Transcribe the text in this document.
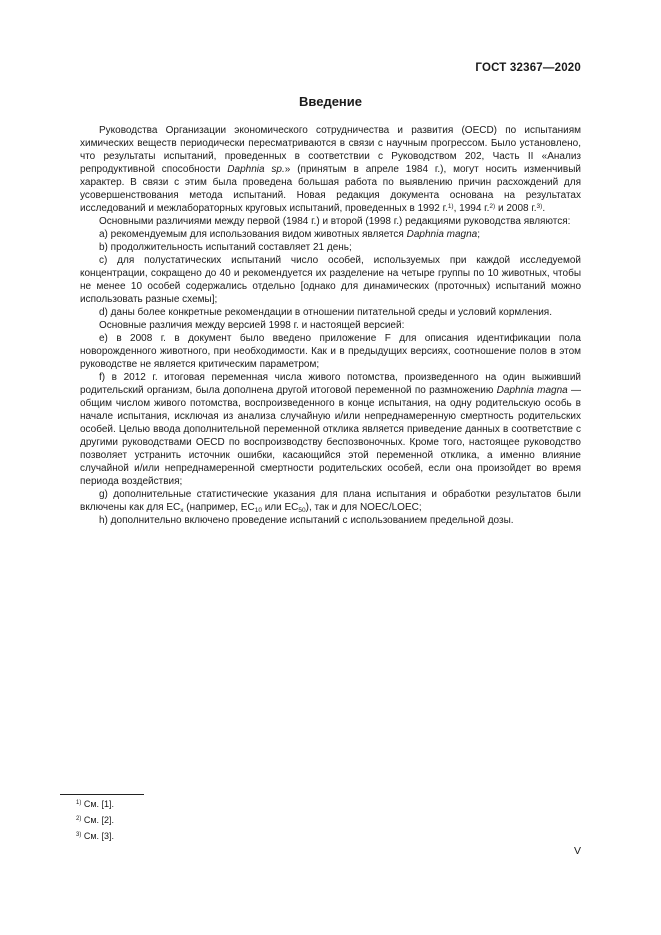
ГОСТ 32367—2020
Введение

Руководства Организации экономического сотрудничества и развития (OECD) по испытаниям химических веществ периодически пересматриваются в связи с научным прогрессом. Было установлено, что результаты испытаний, проведенных в соответствии с Руководством 202, Часть II «Анализ репродуктивной способности Daphnia sp.» (принятым в апреле 1984 г.), могут носить изменчивый характер. В связи с этим была проведена большая работа по выявлению причин расхождений для усовершенствования метода испытаний. Новая редакция документа основана на результатах исследований и межлабораторных круговых испытаний, проведенных в 1992 г.$^{1)}$, 1994 г.$^{2)}$ и 2008 г.$^{3)}$.

Основными различиями между первой (1984 г.) и второй (1998 г.) редакциями руководства являются:

a) рекомендуемым для использования видом животных является Daphnia magna;

b) продолжительность испытаний составляет 21 день;

c) для полустатических испытаний число особей, используемых при каждой исследуемой концентрации, сокращено до 40 и рекомендуется их разделение на четыре группы по 10 животных, чтобы не менее 10 особей содержались отдельно [однако для динамических (проточных) испытаний можно использовать разные схемы];

d) даны более конкретные рекомендации в отношении питательной среды и условий кормления.

Основные различия между версией 1998 г. и настоящей версией:

e) в 2008 г. в документ было введено приложение F для описания идентификации пола новорожденного животного, при необходимости. Как и в предыдущих версиях, соотношение полов в этом руководстве не является критическим параметром;

f) в 2012 г. итоговая переменная числа живого потомства, произведенного на один выживший родительский организм, была дополнена другой итоговой переменной по размножению Daphnia magna — общим числом живого потомства, воспроизведенного в конце испытания, на одну родительскую особь в начале испытания, исключая из анализа случайную и/или непреднамеренную смертность родительских особей. Целью ввода дополнительной переменной отклика является приведение данных в соответствие с другими руководствами OECD по воспроизводству беспозвоночных. Кроме того, настоящее руководство позволяет устранить источник ошибки, касающийся этой переменной отклика, а именно влияние случайной и/или непреднамеренной смертности родительских особей, если она произойдет во время периода воздействия;

g) дополнительные статистические указания для плана испытания и обработки результатов были включены как для $EC_x$ (например, $EC_{10}$ или $EC_{50}$), так и для NOEC/LOEC;

h) дополнительно включено проведение испытаний с использованием предельной дозы.

$^{1)}$ См. [1].
$^{2)}$ См. [2].
$^{3)}$ См. [3].
V
